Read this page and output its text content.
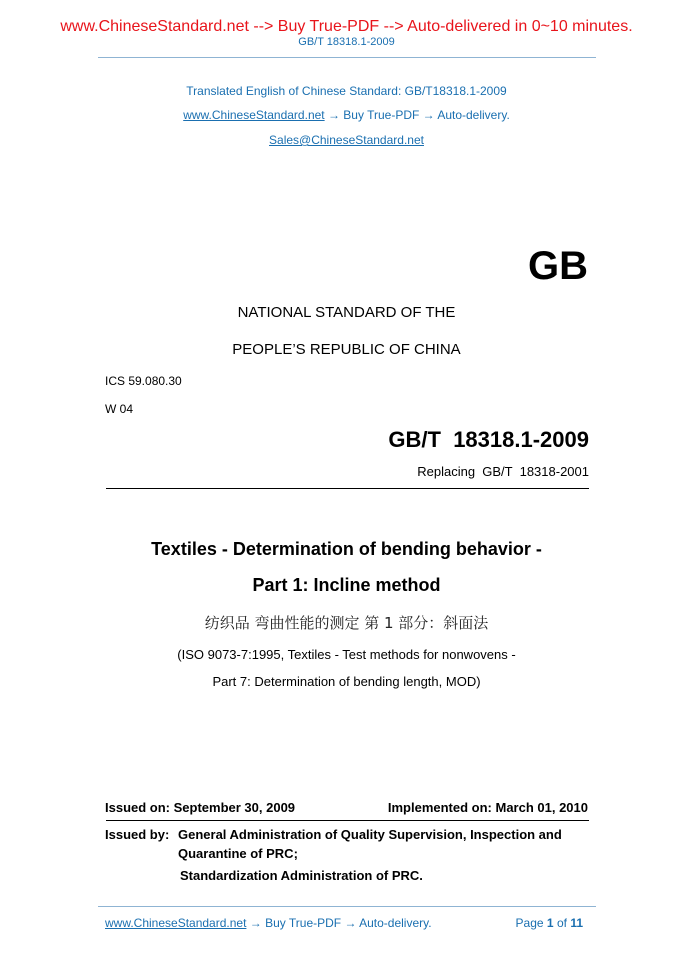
www.ChineseStandard.net --> Buy True-PDF --> Auto-delivered in 0~10 minutes.
GB/T 18318.1-2009
Translated English of Chinese Standard: GB/T18318.1-2009
www.ChineseStandard.net → Buy True-PDF → Auto-delivery.
Sales@ChineseStandard.net
GB
NATIONAL STANDARD OF THE
PEOPLE’S REPUBLIC OF CHINA
ICS 59.080.30
W 04
GB/T  18318.1-2009
Replacing  GB/T  18318-2001
Textiles - Determination of bending behavior -
Part 1: Incline method
纺织品 弯曲性能的测定 第 1 部分：斜面法
(ISO 9073-7:1995, Textiles - Test methods for nonwovens -
Part 7: Determination of bending length, MOD)
Issued on: September 30, 2009	Implemented on: March 01, 2010
Issued by: General Administration of Quality Supervision, Inspection and
Quarantine of PRC;
Standardization Administration of PRC.
www.ChineseStandard.net → Buy True-PDF → Auto-delivery.	Page 1 of 11
